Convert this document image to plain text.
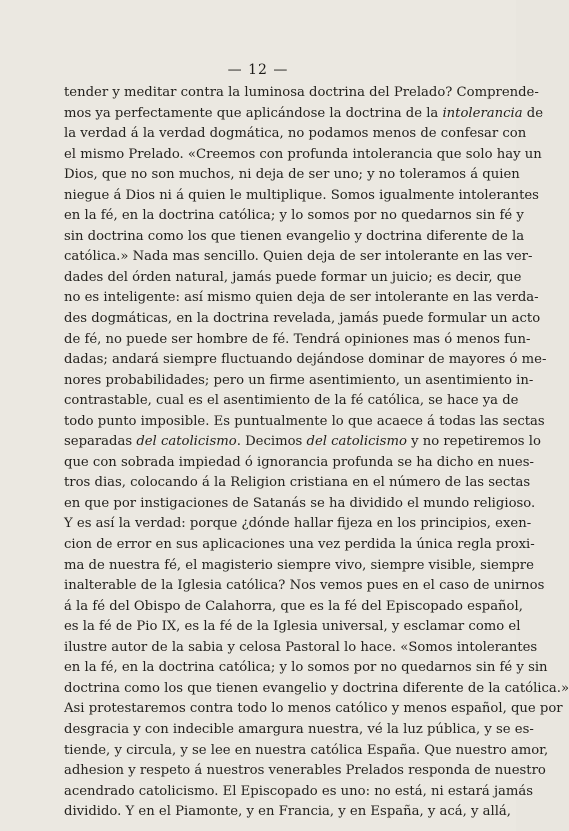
— 12 —
tender y meditar contra la luminosa doctrina del Prelado? Comprende-
mos ya perfectamente que aplicándose la doctrina de la intolerancia de
la verdad á la verdad dogmática, no podamos menos de confesar con
el mismo Prelado. «Creemos con profunda intolerancia que solo hay un
Dios, que no son muchos, ni deja de ser uno; y no toleramos á quien
niegue á Dios ni á quien le multiplique. Somos igualmente intolerantes
en la fé, en la doctrina católica; y lo somos por no quedarnos sin fé y
sin doctrina como los que tienen evangelio y doctrina diferente de la
católica.» Nada mas sencillo. Quien deja de ser intolerante en las ver-
dades del órden natural, jamás puede formar un juicio; es decir, que
no es inteligente: así mismo quien deja de ser intolerante en las verda-
des dogmáticas, en la doctrina revelada, jamás puede formular un acto
de fé, no puede ser hombre de fé. Tendrá opiniones mas ó menos fun-
dadas; andará siempre fluctuando dejándose dominar de mayores ó me-
nores probabilidades; pero un firme asentimiento, un asentimiento in-
contrastable, cual es el asentimiento de la fé católica, se hace ya de
todo punto imposible. Es puntualmente lo que acaece á todas las sectas
separadas del catolicismo. Decimos del catolicismo y no repetiremos lo
que con sobrada impiedad ó ignorancia profunda se ha dicho en nues-
tros dias, colocando á la Religion cristiana en el número de las sectas
en que por instigaciones de Satanás se ha dividido el mundo religioso.
Y es así la verdad: porque ¿dónde hallar fijeza en los principios, exen-
cion de error en sus aplicaciones una vez perdida la única regla proxi-
ma de nuestra fé, el magisterio siempre vivo, siempre visible, siempre
inalterable de la Iglesia católica? Nos vemos pues en el caso de unirnos
á la fé del Obispo de Calahorra, que es la fé del Episcopado español,
es la fé de Pio IX, es la fé de la Iglesia universal, y esclamar como el
ilustre autor de la sabia y celosa Pastoral lo hace. «Somos intolerantes
en la fé, en la doctrina católica; y lo somos por no quedarnos sin fé y sin
doctrina como los que tienen evangelio y doctrina diferente de la católica.»
Asi protestaremos contra todo lo menos católico y menos español, que por
desgracia y con indecible amargura nuestra, vé la luz pública, y se es-
tiende, y circula, y se lee en nuestra católica España. Que nuestro amor,
adhesion y respeto á nuestros venerables Prelados responda de nuestro
acendrado catolicismo. El Episcopado es uno: no está, ni estará jamás
dividido. Y en el Piamonte, y en Francia, y en España, y acá, y allá,
